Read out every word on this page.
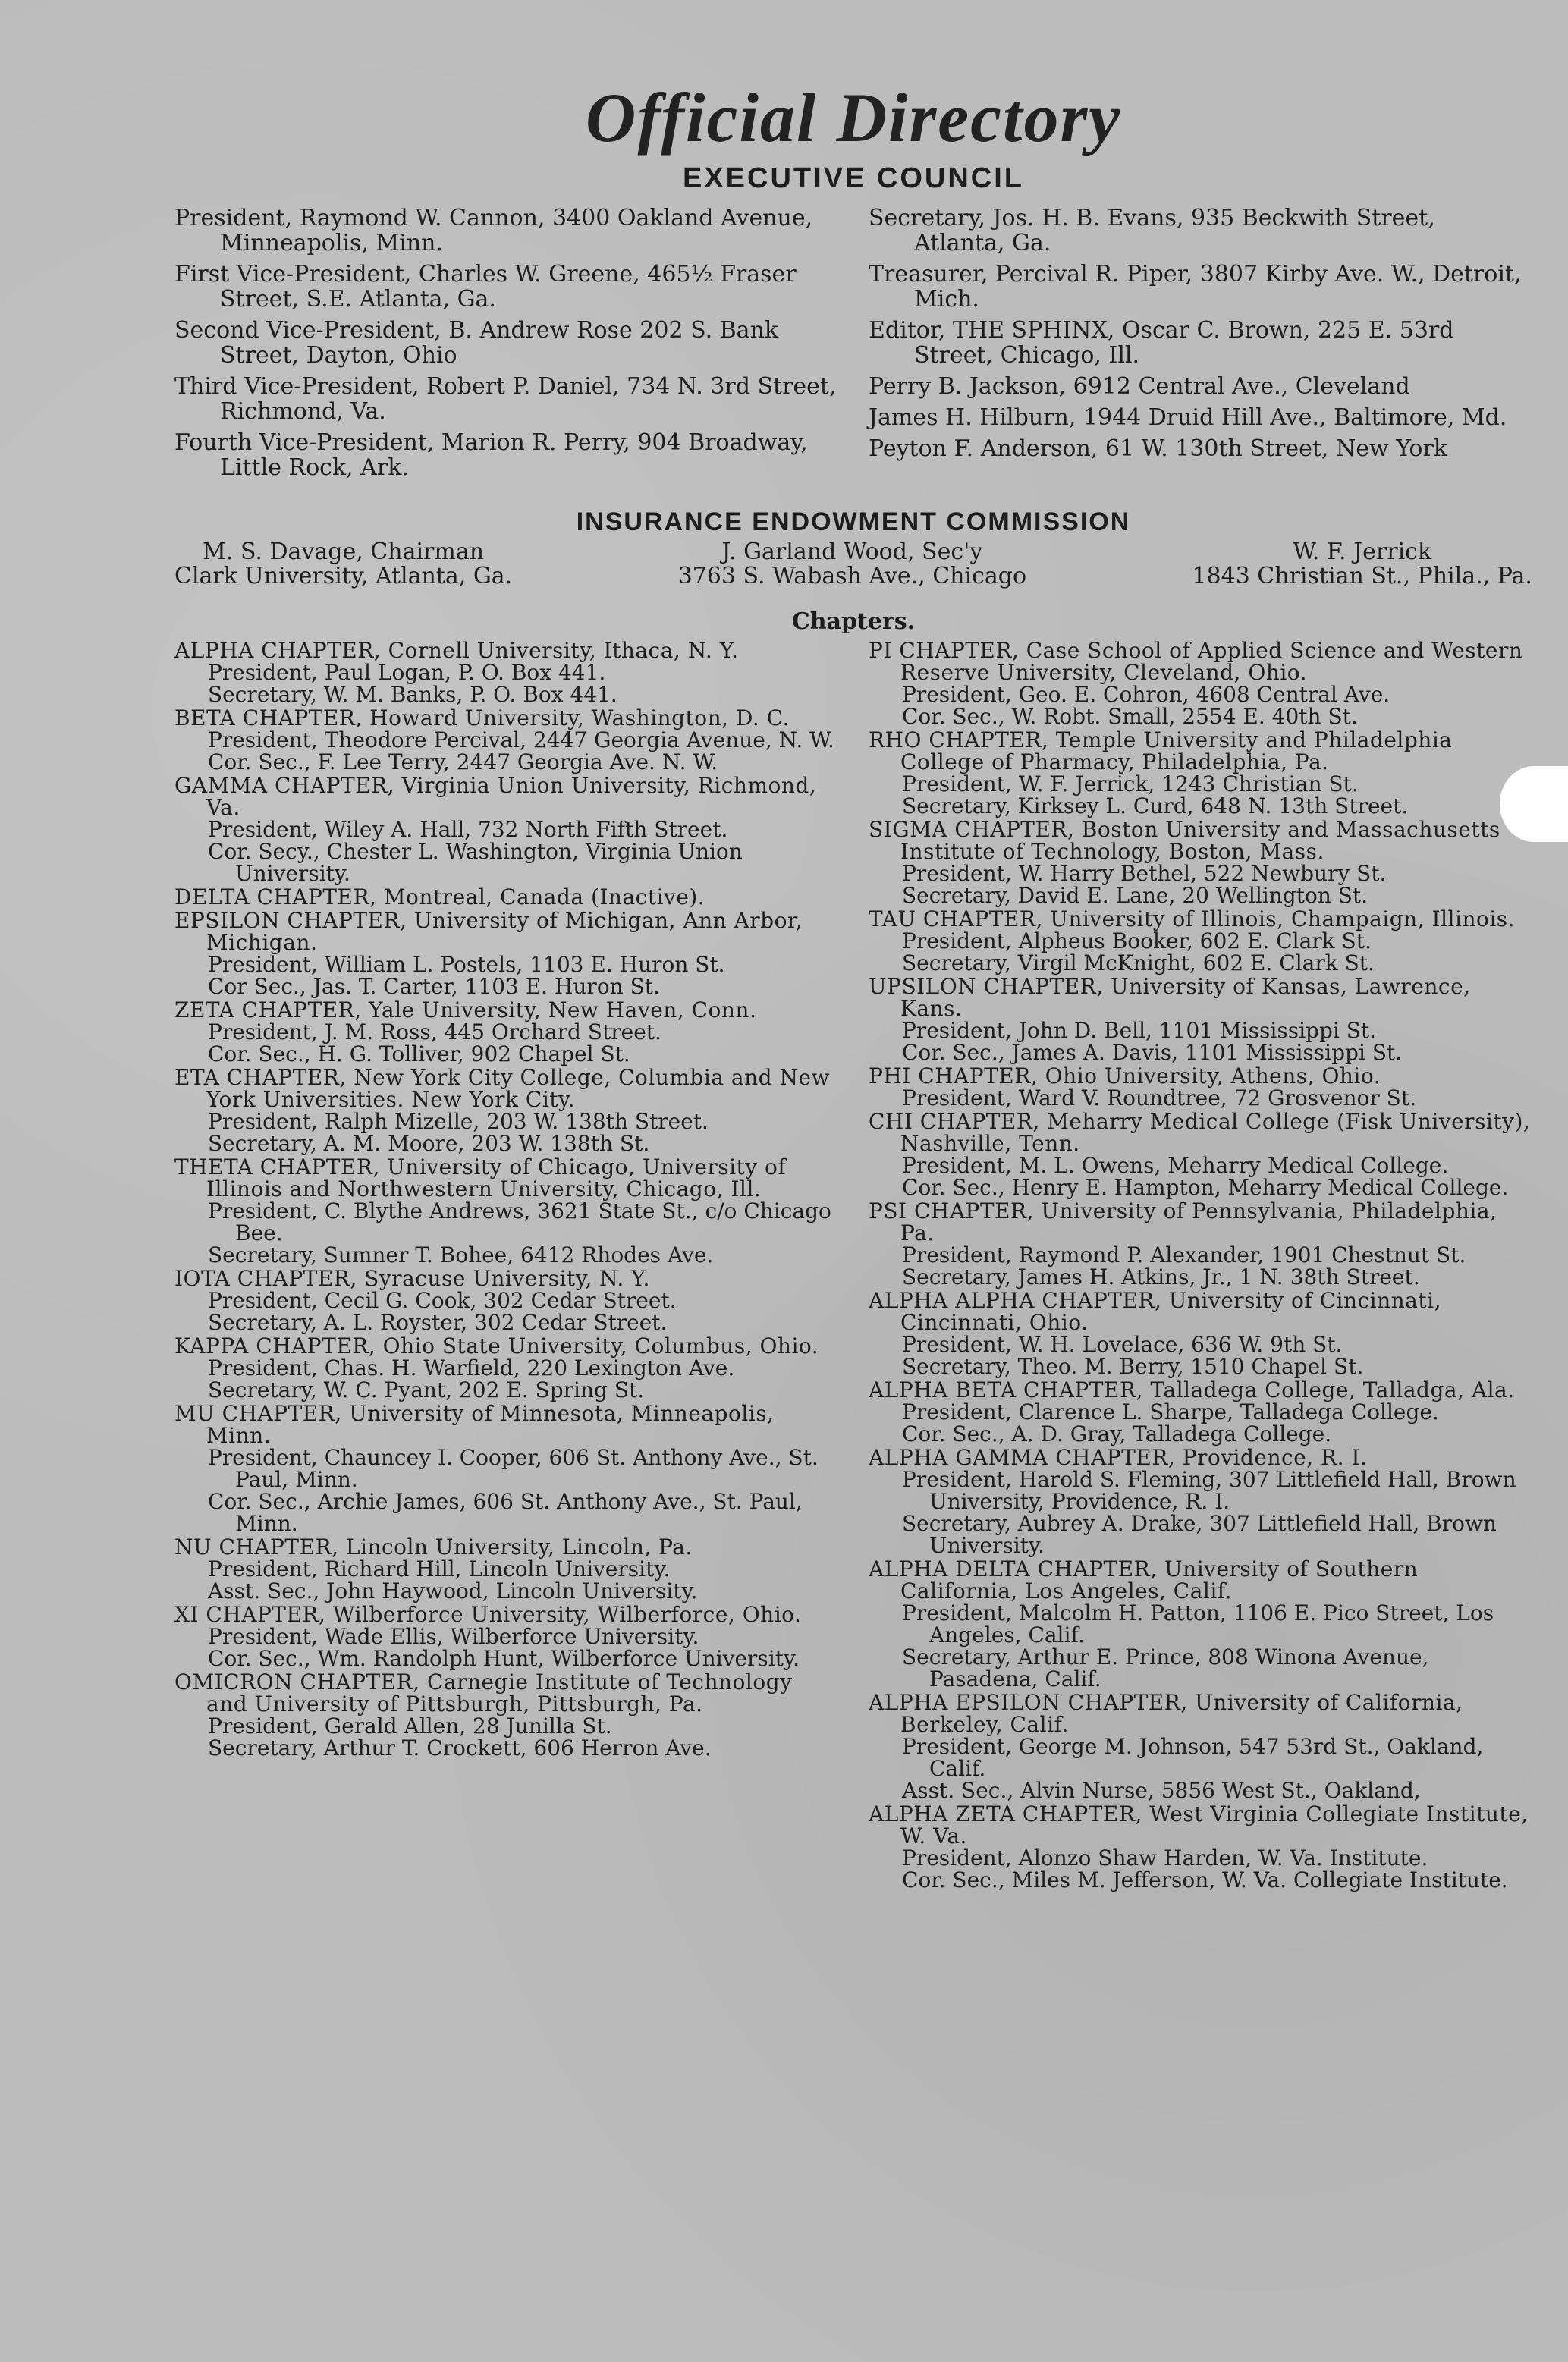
Official Directory
EXECUTIVE COUNCIL
President, Raymond W. Cannon, 3400 Oakland Avenue, Minneapolis, Minn.
First Vice-President, Charles W. Greene, 465½ Fraser Street, S.E. Atlanta, Ga.
Second Vice-President, B. Andrew Rose 202 S. Bank Street, Dayton, Ohio
Third Vice-President, Robert P. Daniel, 734 N. 3rd Street, Richmond, Va.
Fourth Vice-President, Marion R. Perry, 904 Broadway, Little Rock, Ark.
Secretary, Jos. H. B. Evans, 935 Beckwith Street, Atlanta, Ga.
Treasurer, Percival R. Piper, 3807 Kirby Ave. W., Detroit, Mich.
Editor, THE SPHINX, Oscar C. Brown, 225 E. 53rd Street, Chicago, Ill.
Perry B. Jackson, 6912 Central Ave., Cleveland
James H. Hilburn, 1944 Druid Hill Ave., Baltimore, Md.
Peyton F. Anderson, 61 W. 130th Street, New York
INSURANCE ENDOWMENT COMMISSION
M. S. Davage, Chairman
Clark University, Atlanta, Ga.
J. Garland Wood, Sec'y
3763 S. Wabash Ave., Chicago
W. F. Jerrick
1843 Christian St., Phila., Pa.
Chapters.
ALPHA CHAPTER, Cornell University, Ithaca, N. Y.
President, Paul Logan, P. O. Box 441.
Secretary, W. M. Banks, P. O. Box 441.
BETA CHAPTER, Howard University, Washington, D. C.
President, Theodore Percival, 2447 Georgia Avenue, N. W.
Cor. Sec., F. Lee Terry, 2447 Georgia Ave. N. W.
GAMMA CHAPTER, Virginia Union University, Richmond, Va.
President, Wiley A. Hall, 732 North Fifth Street.
Cor. Secy., Chester L. Washington, Virginia Union University.
DELTA CHAPTER, Montreal, Canada (Inactive).
EPSILON CHAPTER, University of Michigan, Ann Arbor, Michigan.
President, William L. Postels, 1103 E. Huron St.
Cor Sec., Jas. T. Carter, 1103 E. Huron St.
ZETA CHAPTER, Yale University, New Haven, Conn.
President, J. M. Ross, 445 Orchard Street.
Cor. Sec., H. G. Tolliver, 902 Chapel St.
ETA CHAPTER, New York City College, Columbia and New York Universities. New York City.
President, Ralph Mizelle, 203 W. 138th Street.
Secretary, A. M. Moore, 203 W. 138th St.
THETA CHAPTER, University of Chicago, University of Illinois and Northwestern University, Chicago, Ill.
President, C. Blythe Andrews, 3621 State St., c/o Chicago Bee.
Secretary, Sumner T. Bohee, 6412 Rhodes Ave.
IOTA CHAPTER, Syracuse University, N. Y.
President, Cecil G. Cook, 302 Cedar Street.
Secretary, A. L. Royster, 302 Cedar Street.
KAPPA CHAPTER, Ohio State University, Columbus, Ohio.
President, Chas. H. Warfield, 220 Lexington Ave.
Secretary, W. C. Pyant, 202 E. Spring St.
MU CHAPTER, University of Minnesota, Minneapolis, Minn.
President, Chauncey I. Cooper, 606 St. Anthony Ave., St. Paul, Minn.
Cor. Sec., Archie James, 606 St. Anthony Ave., St. Paul, Minn.
NU CHAPTER, Lincoln University, Lincoln, Pa.
President, Richard Hill, Lincoln University.
Asst. Sec., John Haywood, Lincoln University.
XI CHAPTER, Wilberforce University, Wilberforce, Ohio.
President, Wade Ellis, Wilberforce University.
Cor. Sec., Wm. Randolph Hunt, Wilberforce University.
OMICRON CHAPTER, Carnegie Institute of Technology and University of Pittsburgh, Pittsburgh, Pa.
President, Gerald Allen, 28 Junilla St.
Secretary, Arthur T. Crockett, 606 Herron Ave.
PI CHAPTER, Case School of Applied Science and Western Reserve University, Cleveland, Ohio.
President, Geo. E. Cohron, 4608 Central Ave.
Cor. Sec., W. Robt. Small, 2554 E. 40th St.
RHO CHAPTER, Temple University and Philadelphia College of Pharmacy, Philadelphia, Pa.
President, W. F. Jerrick, 1243 Christian St.
Secretary, Kirksey L. Curd, 648 N. 13th Street.
SIGMA CHAPTER, Boston University and Massachusetts Institute of Technology, Boston, Mass.
President, W. Harry Bethel, 522 Newbury St.
Secretary, David E. Lane, 20 Wellington St.
TAU CHAPTER, University of Illinois, Champaign, Illinois.
President, Alpheus Booker, 602 E. Clark St.
Secretary, Virgil McKnight, 602 E. Clark St.
UPSILON CHAPTER, University of Kansas, Lawrence, Kans.
President, John D. Bell, 1101 Mississippi St.
Cor. Sec., James A. Davis, 1101 Mississippi St.
PHI CHAPTER, Ohio University, Athens, Ohio.
President, Ward V. Roundtree, 72 Grosvenor St.
CHI CHAPTER, Meharry Medical College (Fisk University), Nashville, Tenn.
President, M. L. Owens, Meharry Medical College.
Cor. Sec., Henry E. Hampton, Meharry Medical College.
PSI CHAPTER, University of Pennsylvania, Philadelphia, Pa.
President, Raymond P. Alexander, 1901 Chestnut St.
Secretary, James H. Atkins, Jr., 1 N. 38th Street.
ALPHA ALPHA CHAPTER, University of Cincinnati, Cincinnati, Ohio.
President, W. H. Lovelace, 636 W. 9th St.
Secretary, Theo. M. Berry, 1510 Chapel St.
ALPHA BETA CHAPTER, Talladega College, Talladga, Ala.
President, Clarence L. Sharpe, Talladega College.
Cor. Sec., A. D. Gray, Talladega College.
ALPHA GAMMA CHAPTER, Providence, R. I.
President, Harold S. Fleming, 307 Littlefield Hall, Brown University, Providence, R. I.
Secretary, Aubrey A. Drake, 307 Littlefield Hall, Brown University.
ALPHA DELTA CHAPTER, University of Southern California, Los Angeles, Calif.
President, Malcolm H. Patton, 1106 E. Pico Street, Los Angeles, Calif.
Secretary, Arthur E. Prince, 808 Winona Avenue, Pasadena, Calif.
ALPHA EPSILON CHAPTER, University of California, Berkeley, Calif.
President, George M. Johnson, 547 53rd St., Oakland, Calif.
Asst. Sec., Alvin Nurse, 5856 West St., Oakland,
ALPHA ZETA CHAPTER, West Virginia Collegiate Institute, W. Va.
President, Alonzo Shaw Harden, W. Va. Institute.
Cor. Sec., Miles M. Jefferson, W. Va. Collegiate Institute.
